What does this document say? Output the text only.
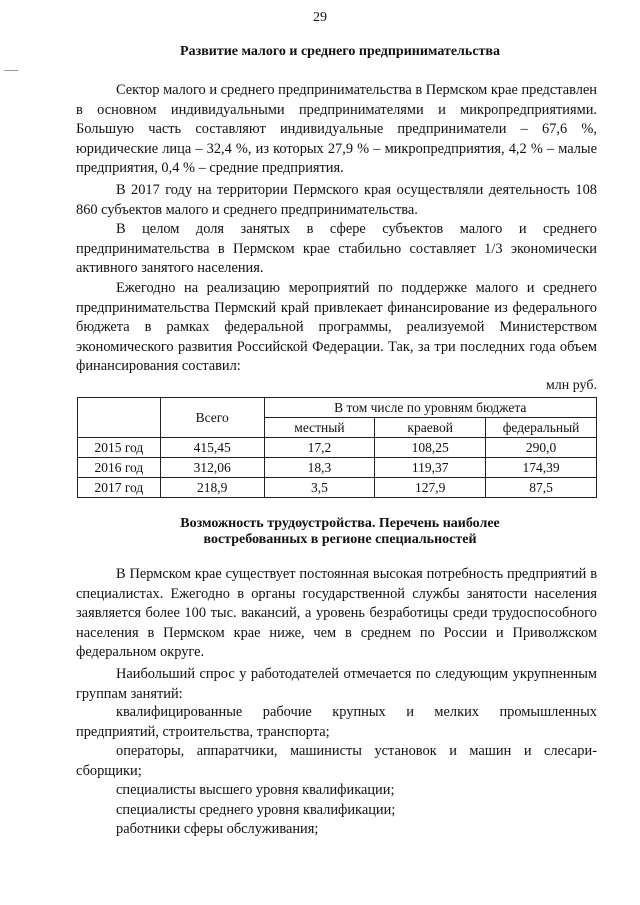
29
Развитие малого и среднего предпринимательства

Сектор малого и среднего предпринимательства в Пермском крае представлен в основном индивидуальными предпринимателями и микропредприятиями. Большую часть составляют индивидуальные предприниматели – 67,6 %, юридические лица – 32,4 %, из которых 27,9 % – микропредприятия, 4,2 % – малые предприятия, 0,4 % – средние предприятия.

В 2017 году на территории Пермского края осуществляли деятельность 108 860 субъектов малого и среднего предпринимательства.

В целом доля занятых в сфере субъектов малого и среднего предпринимательства в Пермском крае стабильно составляет 1/3 экономически активного занятого населения.

Ежегодно на реализацию мероприятий по поддержке малого и среднего предпринимательства Пермский край привлекает финансирование из федерального бюджета в рамках федеральной программы, реализуемой Министерством экономического развития Российской Федерации. Так, за три последних года объем финансирования составил:

млн руб.
	Всего	В том числе по уровням бюджета		
		местный	краевой	федеральный
2015 год	415,45	17,2	108,25	290,0
2016 год	312,06	18,3	119,37	174,39
2017 год	218,9	3,5	127,9	87,5
Возможность трудоустройства. Перечень наиболее
востребованных в регионе специальностей

В Пермском крае существует постоянная высокая потребность предприятий в специалистах. Ежегодно в органы государственной службы занятости населения заявляется более 100 тыс. вакансий, а уровень безработицы среди трудоспособного населения в Пермском крае ниже, чем в среднем по России и Приволжском федеральном округе.

Наибольший спрос у работодателей отмечается по следующим укрупненным группам занятий:

квалифицированные рабочие крупных и мелких промышленных предприятий, строительства, транспорта;

операторы, аппаратчики, машинисты установок и машин и слесари-сборщики;

специалисты высшего уровня квалификации;

специалисты среднего уровня квалификации;

работники сферы обслуживания;
